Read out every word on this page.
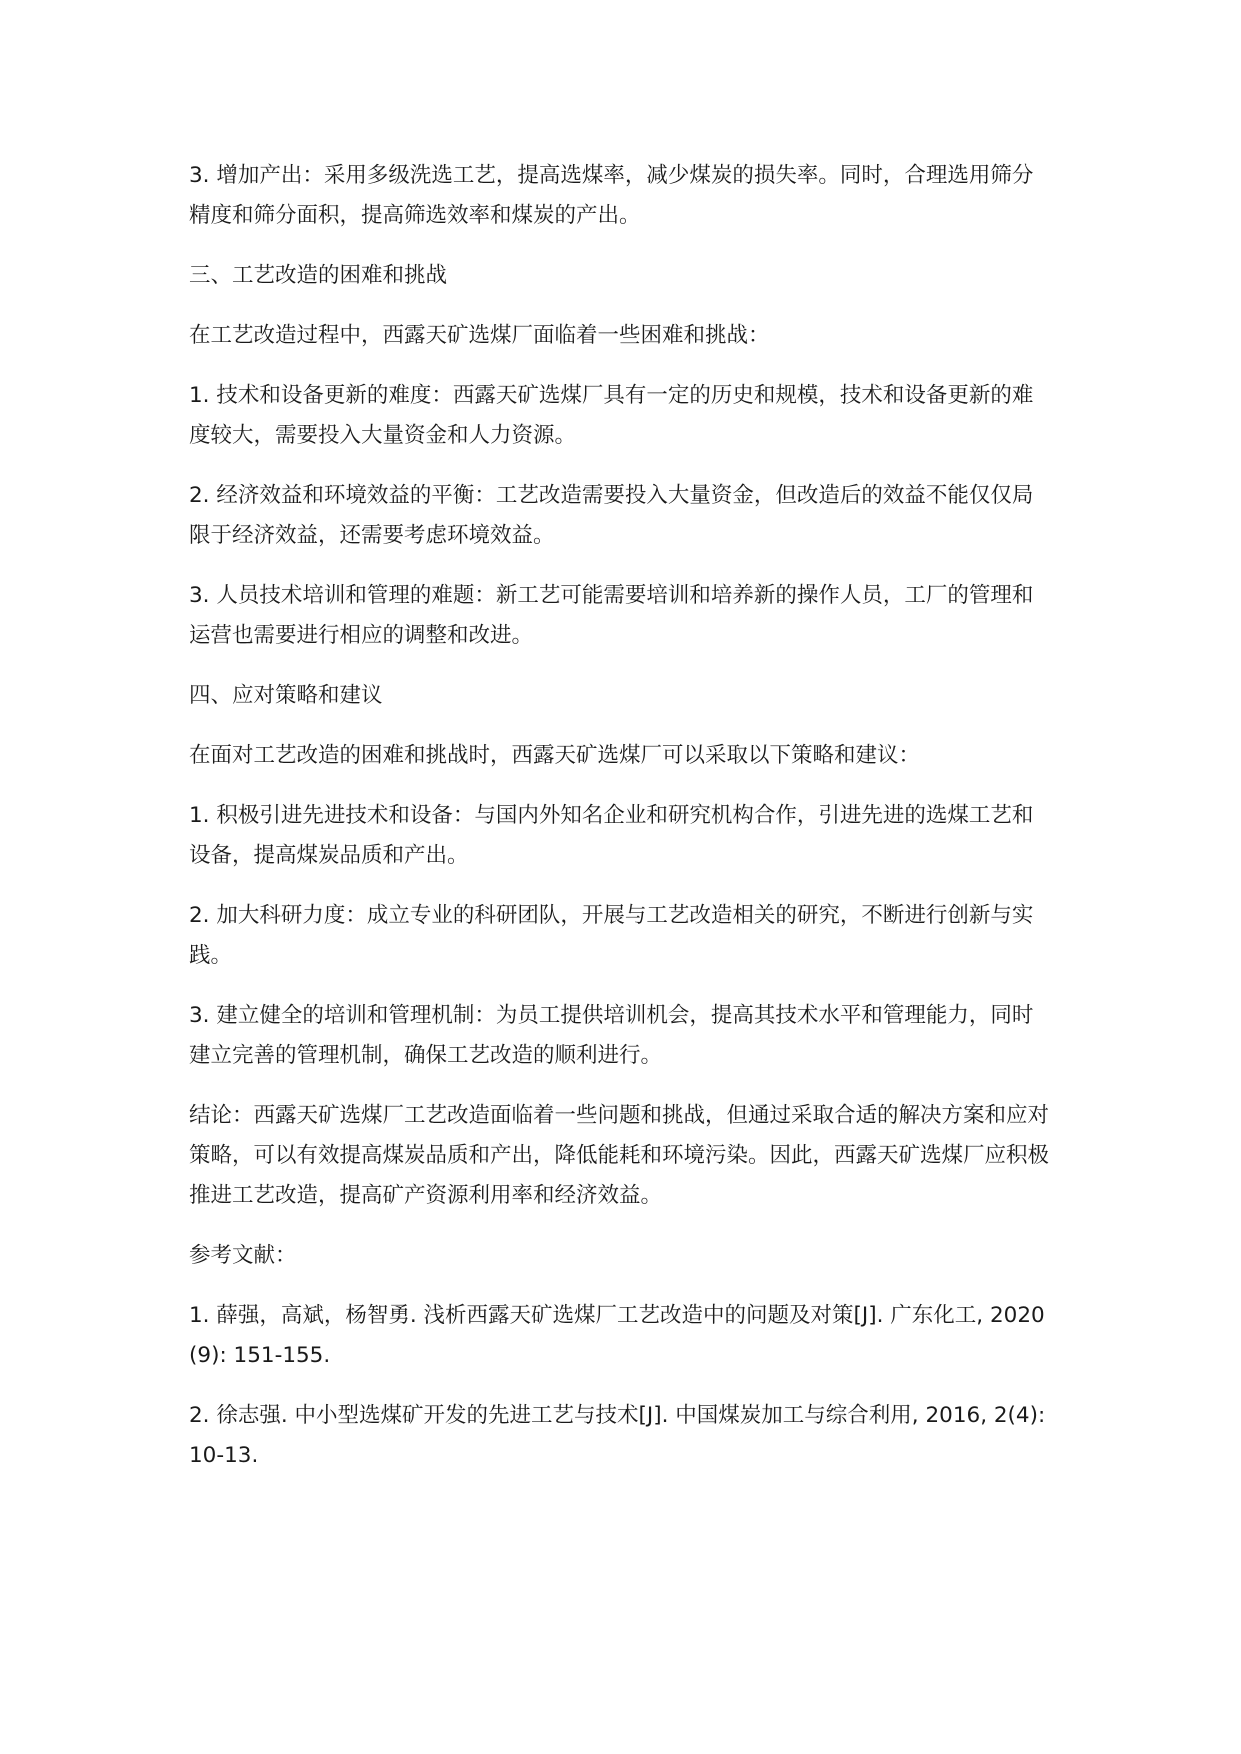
3. 增加产出：采用多级洗选工艺，提高选煤率，减少煤炭的损失率。同时，合理选用筛分精度和筛分面积，提高筛选效率和煤炭的产出。

三、工艺改造的困难和挑战

在工艺改造过程中，西露天矿选煤厂面临着一些困难和挑战：

1. 技术和设备更新的难度：西露天矿选煤厂具有一定的历史和规模，技术和设备更新的难度较大，需要投入大量资金和人力资源。

2. 经济效益和环境效益的平衡：工艺改造需要投入大量资金，但改造后的效益不能仅仅局限于经济效益，还需要考虑环境效益。

3. 人员技术培训和管理的难题：新工艺可能需要培训和培养新的操作人员，工厂的管理和运营也需要进行相应的调整和改进。

四、应对策略和建议

在面对工艺改造的困难和挑战时，西露天矿选煤厂可以采取以下策略和建议：

1. 积极引进先进技术和设备：与国内外知名企业和研究机构合作，引进先进的选煤工艺和设备，提高煤炭品质和产出。

2. 加大科研力度：成立专业的科研团队，开展与工艺改造相关的研究，不断进行创新与实践。

3. 建立健全的培训和管理机制：为员工提供培训机会，提高其技术水平和管理能力，同时建立完善的管理机制，确保工艺改造的顺利进行。

结论：西露天矿选煤厂工艺改造面临着一些问题和挑战，但通过采取合适的解决方案和应对策略，可以有效提高煤炭品质和产出，降低能耗和环境污染。因此，西露天矿选煤厂应积极推进工艺改造，提高矿产资源利用率和经济效益。

参考文献：

1. 薛强，高斌，杨智勇. 浅析西露天矿选煤厂工艺改造中的问题及对策[J]. 广东化工, 2020(9): 151-155.

2. 徐志强. 中小型选煤矿开发的先进工艺与技术[J]. 中国煤炭加工与综合利用, 2016, 2(4): 10-13.
